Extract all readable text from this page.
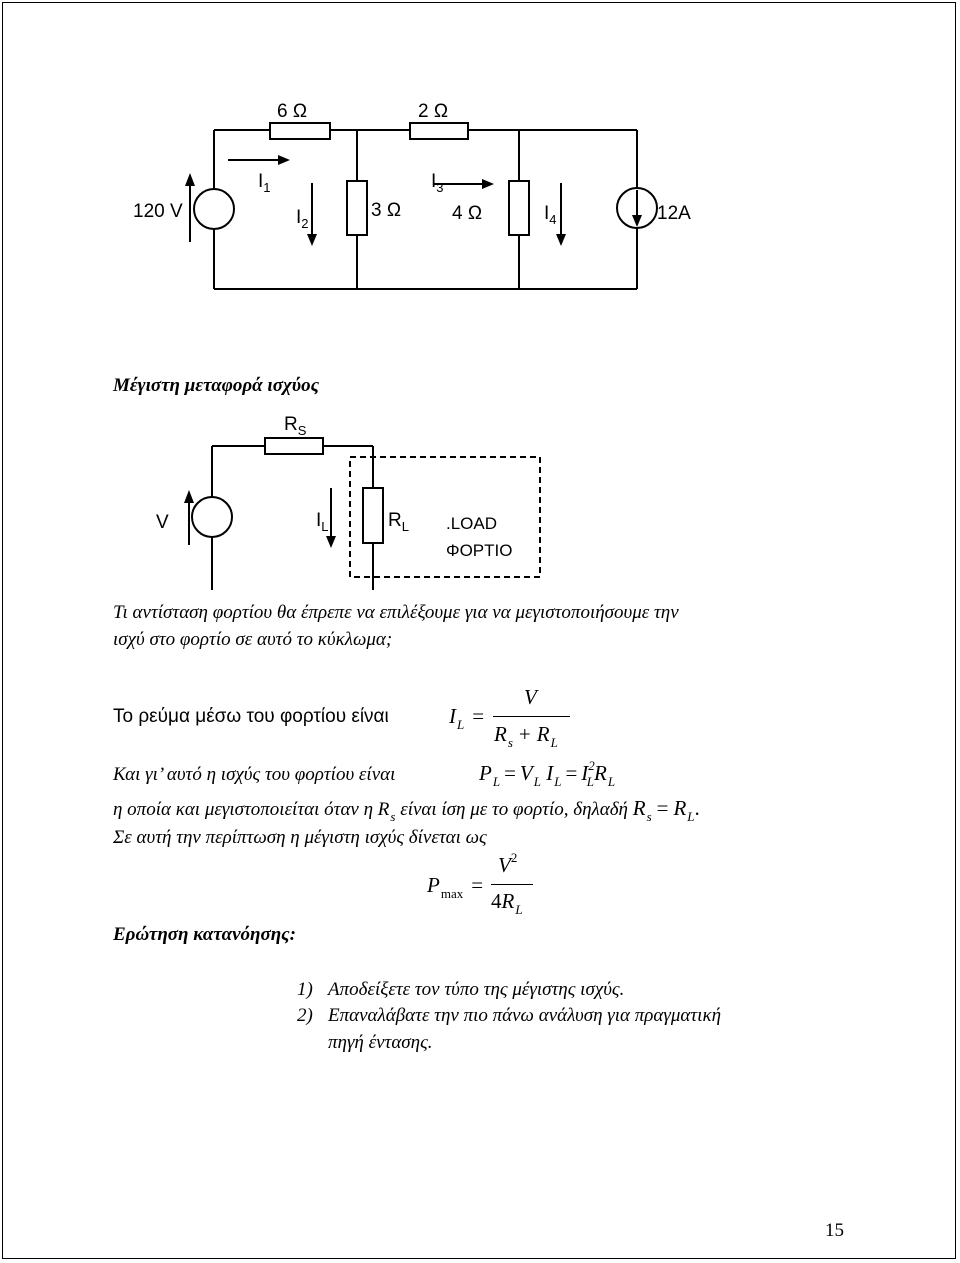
6 Ω	2 Ω
120 V
$I_1$
$I_2$
3 Ω
$I_3$
4 Ω	$I_4$	12A
Μέγιστη μεταφορά ισχύος
$R_S$
V	$I_L$	$R_L$ .LOAD
ΦΟΡΤΙΟ
Τι αντίσταση φορτίου θα έπρεπε να επιλέξουμε για να μεγιστοποιήσουμε την
ισχύ στο φορτίο σε αυτό το κύκλωμα;
Το ρεύμα μέσω του φορτίου είναι	$I_L$ =
V
$R_s + R_L$
Και γι’ αυτό η ισχύς του φορτίου είναι	$P_L = V_L$ $I_L = I^2_LR_L$
η οποία και μεγιστοποιείται όταν η $R_s$ είναι ίση με το φορτίο, δηλαδή $R_s = R_L$.
Σε αυτή την περίπτωση η μέγιστη ισχύς δίνεται ως
$P_{max}$ =
$V^2$
$4R_L$
Ερώτηση κατανόησης:
1) Αποδείξετε τον τύπο της μέγιστης ισχύς.
2) Επαναλάβατε την πιο πάνω ανάλυση για πραγματική
πηγή έντασης.
15
